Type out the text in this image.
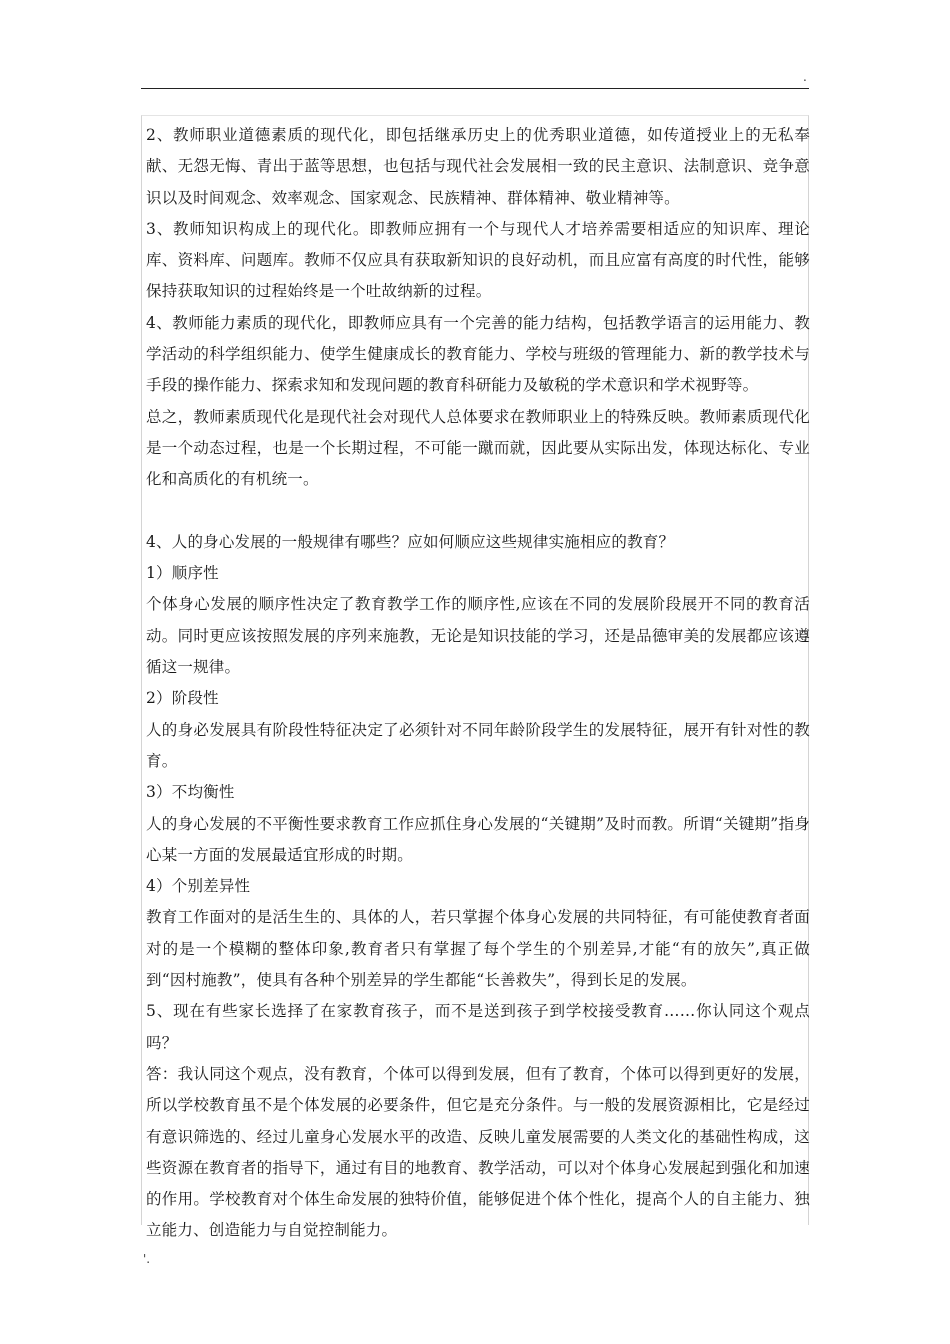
.

2、教师职业道德素质的现代化，即包括继承历史上的优秀职业道德，如传道授业上的无私奉献、无怨无悔、青出于蓝等思想，也包括与现代社会发展相一致的民主意识、法制意识、竞争意识以及时间观念、效率观念、国家观念、民族精神、群体精神、敬业精神等。

3、教师知识构成上的现代化。即教师应拥有一个与现代人才培养需要相适应的知识库、理论库、资料库、问题库。教师不仅应具有获取新知识的良好动机，而且应富有高度的时代性，能够保持获取知识的过程始终是一个吐故纳新的过程。

4、教师能力素质的现代化，即教师应具有一个完善的能力结构，包括教学语言的运用能力、教学活动的科学组织能力、使学生健康成长的教育能力、学校与班级的管理能力、新的教学技术与手段的操作能力、探索求知和发现问题的教育科研能力及敏税的学术意识和学术视野等。

总之，教师素质现代化是现代社会对现代人总体要求在教师职业上的特殊反映。教师素质现代化是一个动态过程，也是一个长期过程，不可能一蹴而就，因此要从实际出发，体现达标化、专业化和高质化的有机统一。

4、人的身心发展的一般规律有哪些？应如何顺应这些规律实施相应的教育？

1）顺序性

个体身心发展的顺序性决定了教育教学工作的顺序性,应该在不同的发展阶段展开不同的教育活动。同时更应该按照发展的序列来施教，无论是知识技能的学习，还是品德审美的发展都应该遵循这一规律。

2）阶段性

人的身必发展具有阶段性特征决定了必须针对不同年龄阶段学生的发展特征，展开有针对性的教育。

3）不均衡性

人的身心发展的不平衡性要求教育工作应抓住身心发展的“关键期”及时而教。所谓“关键期”指身心某一方面的发展最适宜形成的时期。

4）个别差异性

教育工作面对的是活生生的、具体的人，若只掌握个体身心发展的共同特征，有可能使教育者面对的是一个模糊的整体印象,教育者只有掌握了每个学生的个别差异,才能“有的放矢”,真正做到“因村施教”，使具有各种个别差异的学生都能“长善救失”，得到长足的发展。

5、现在有些家长选择了在家教育孩子，而不是送到孩子到学校接受教育……你认同这个观点吗？

答：我认同这个观点，没有教育，个体可以得到发展，但有了教育，个体可以得到更好的发展，所以学校教育虽不是个体发展的必要条件，但它是充分条件。与一般的发展资源相比，它是经过有意识筛选的、经过儿童身心发展水平的改造、反映儿童发展需要的人类文化的基础性构成，这些资源在教育者的指导下，通过有目的地教育、教学活动，可以对个体身心发展起到强化和加速的作用。学校教育对个体生命发展的独特价值，能够促进个体个性化，提高个人的自主能力、独立能力、创造能力与自觉控制能力。

'.
